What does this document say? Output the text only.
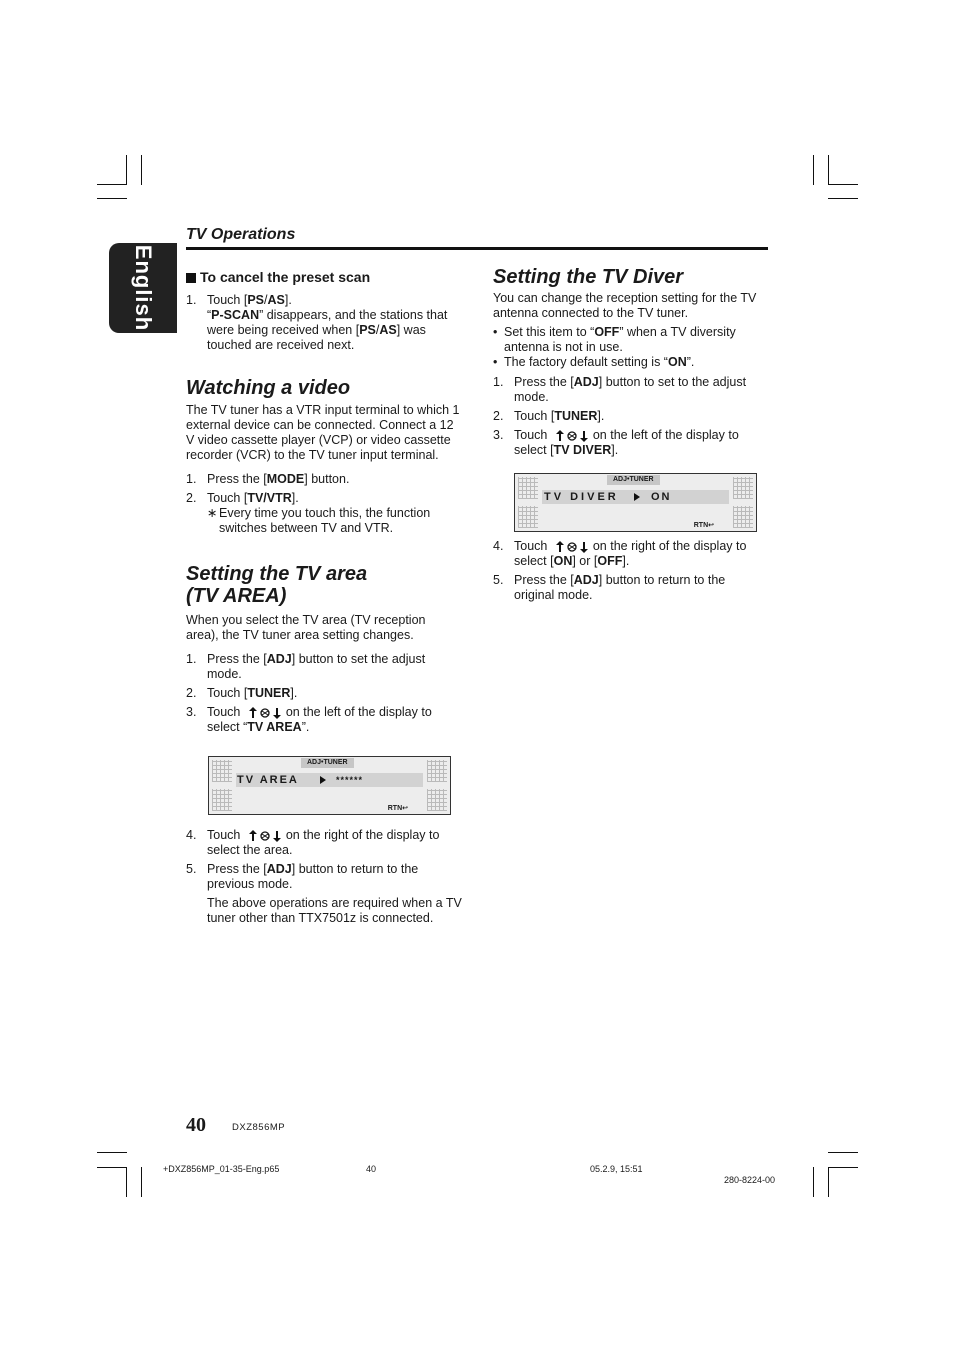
English
TV Operations
To cancel the preset scan
1. Touch [PS/AS].
“P-SCAN” disappears, and the stations that were being received when [PS/AS] was touched are received next.
Watching a video

The TV tuner has a VTR input terminal to which 1 external device can be connected. Connect a 12 V video cassette player (VCP) or video cassette recorder (VCR) to the TV tuner input terminal.

1. Press the [MODE] button.
2. Touch [TV/VTR].
∗ Every time you touch this, the function switches between TV and VTR.
Setting the TV area
(TV AREA)

When you select the TV area (TV reception area), the TV tuner area setting changes.

1. Press the [ADJ] button to set the adjust mode.
2. Touch [TUNER].
3. Touch	on the left of the display to select “TV AREA”.
ADJ•TUNER
TV AREA	******
RTN↩
4. Touch	on the right of the display to select the area.
5. Press the [ADJ] button to return to the previous mode.

The above operations are required when a TV tuner other than TTX7501z is connected.

Setting the TV Diver

You can change the reception setting for the TV antenna connected to the TV tuner.

• Set this item to “OFF” when a TV diversity antenna is not in use.
• The factory default setting is “ON”.
1. Press the [ADJ] button to set to the adjust mode.
2. Touch [TUNER].
3. Touch	on the left of the display to select [TV DIVER].
ADJ•TUNER
TV DIVER	ON
RTN↩
4. Touch	on the right of the display to select [ON] or [OFF].
5. Press the [ADJ] button to return to the original mode.
40	DXZ856MP
+DXZ856MP_01-35-Eng.p65	40	05.2.9, 15:51
280-8224-00
